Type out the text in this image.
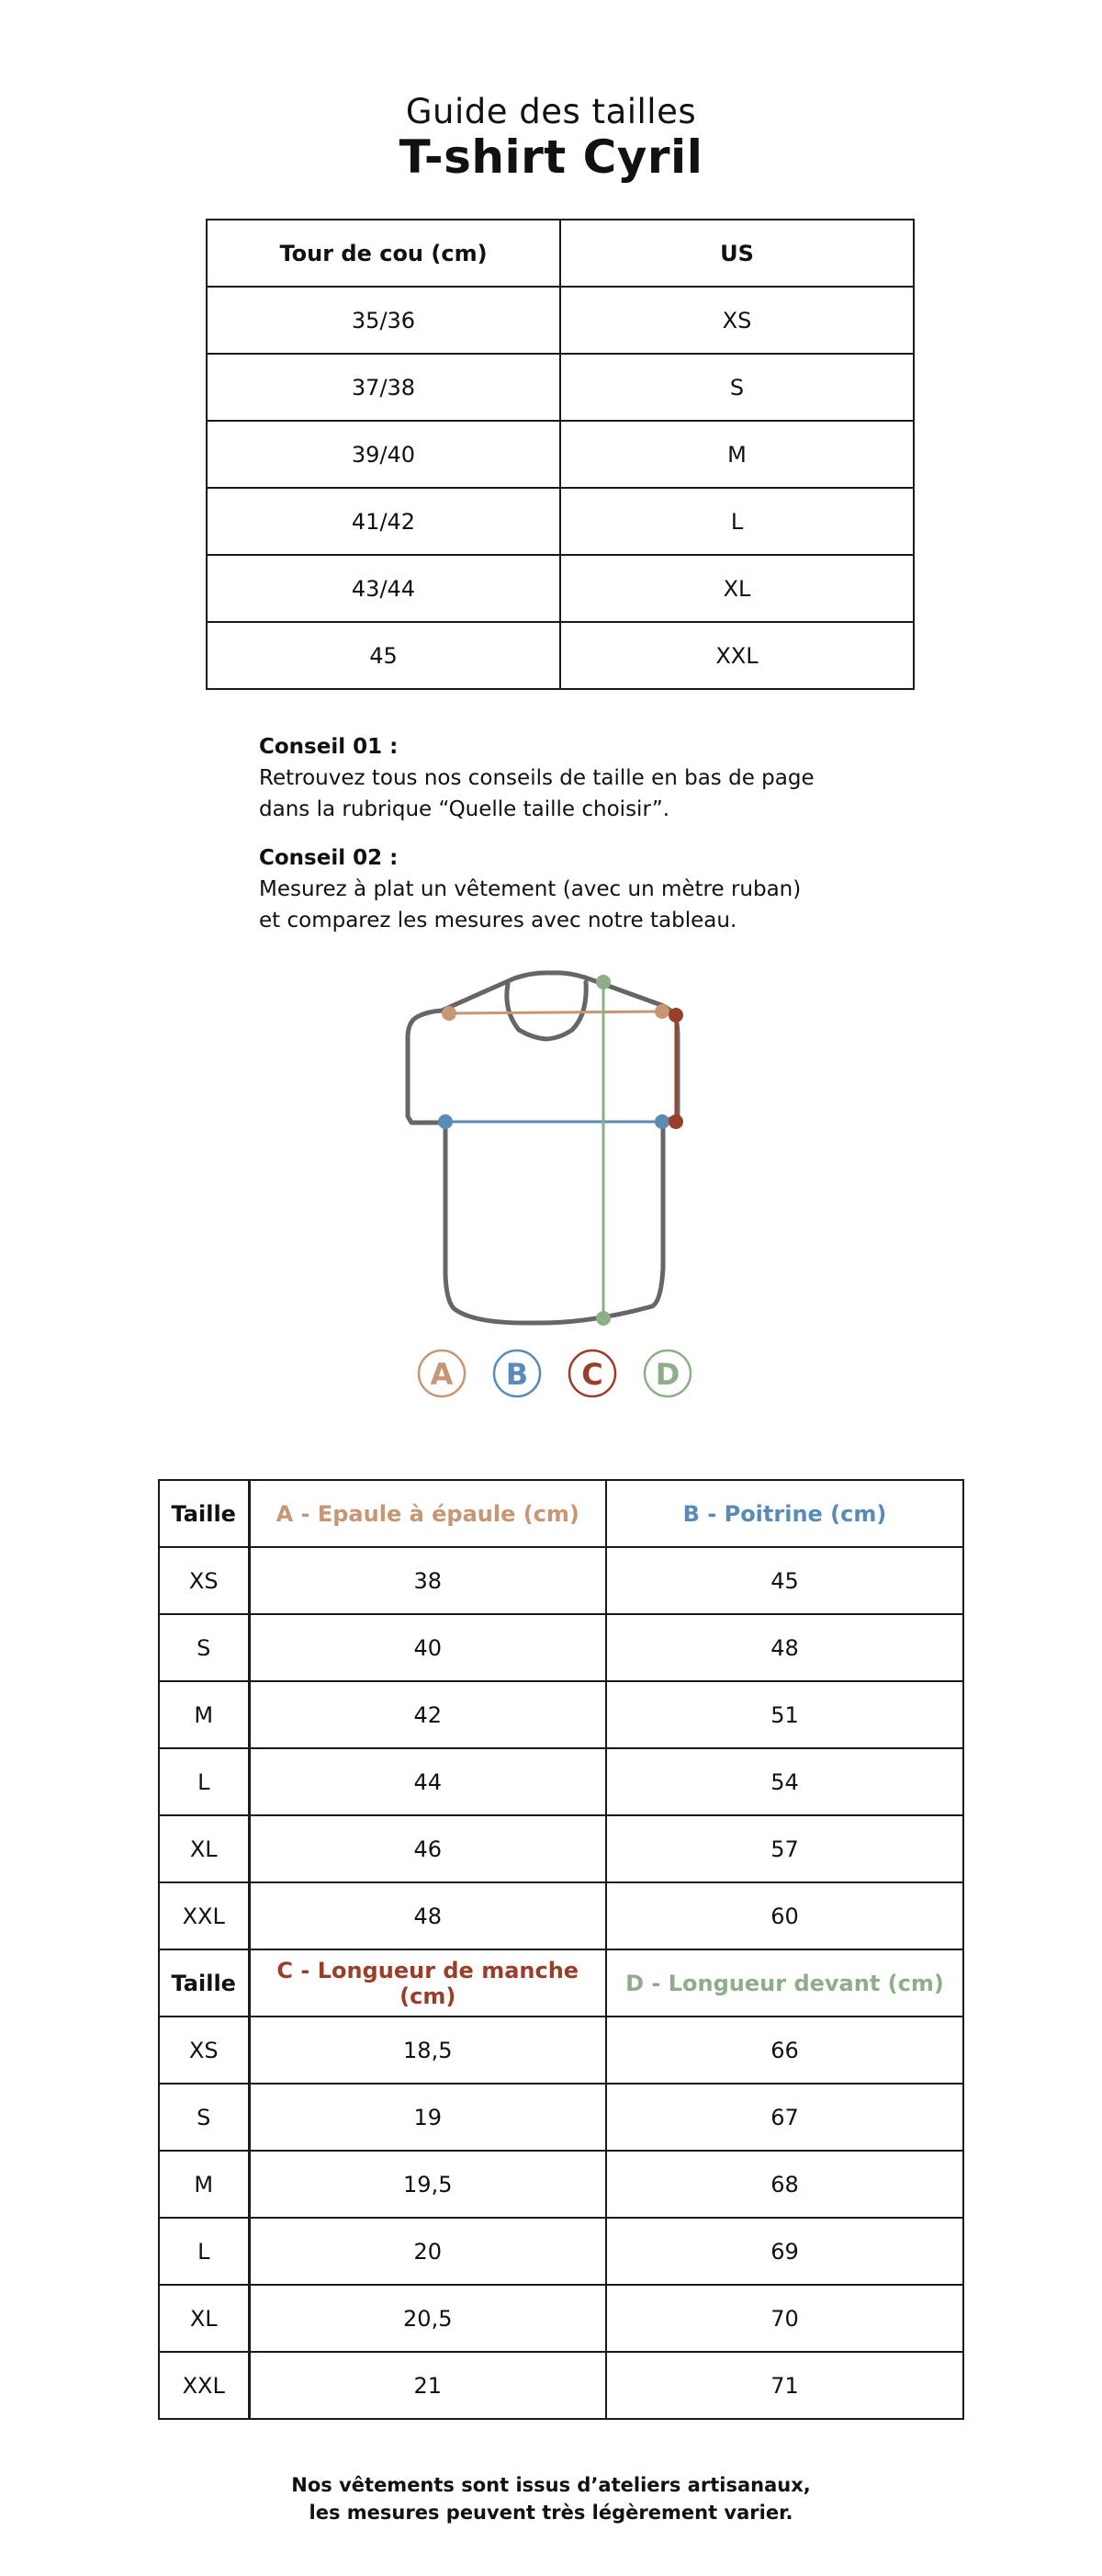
Guide des tailles
T-shirt Cyril
Tour de cou (cm)	US
35/36	XS
37/38	S
39/40	M
41/42	L
43/44	XL
45	XXL
Conseil 01 :
Retrouvez tous nos conseils de taille en bas de page
dans la rubrique “Quelle taille choisir”.
Conseil 02 :
Mesurez à plat un vêtement (avec un mètre ruban)
et comparez les mesures avec notre tableau.
A B C D
Taille	A - Epaule à épaule (cm)	B - Poitrine (cm)
XS	38	45
S	40	48
M	42	51
L	44	54
XL	46	57
XXL	48	60
Taille	C - Longueur de manche (cm)	D - Longueur devant (cm)
XS	18,5	66
S	19	67
M	19,5	68
L	20	69
XL	20,5	70
XXL	21	71
Nos vêtements sont issus d’ateliers artisanaux,
les mesures peuvent très légèrement varier.
